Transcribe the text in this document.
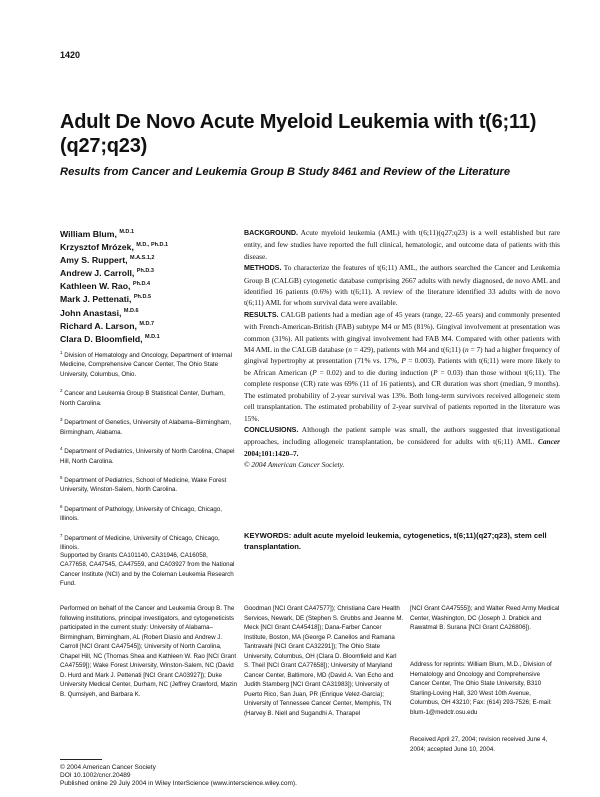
1420
Adult De Novo Acute Myeloid Leukemia with t(6;11)(q27;q23)
Results from Cancer and Leukemia Group B Study 8461 and Review of the Literature
William Blum, $^{M.D.1}$
Krzysztof Mrózek, $^{M.D., Ph.D.1}$
Amy S. Ruppert, $^{M.A.S.1,2}$
Andrew J. Carroll, $^{Ph.D.3}$
Kathleen W. Rao, $^{Ph.D.4}$
Mark J. Pettenati, $^{Ph.D.5}$
John Anastasi, $^{M.D.6}$
Richard A. Larson, $^{M.D.7}$
Clara D. Bloomfield, $^{M.D.1}$
$^1$ Division of Hematology and Oncology, Department of Internal Medicine, Comprehensive Cancer Center, The Ohio State University, Columbus, Ohio.
$^2$ Cancer and Leukemia Group B Statistical Center, Durham, North Carolina.
$^3$ Department of Genetics, University of Alabama–Birmingham, Birmingham, Alabama.
$^4$ Department of Pediatrics, University of North Carolina, Chapel Hill, North Carolina.
$^5$ Department of Pediatrics, School of Medicine, Wake Forest University, Winston-Salem, North Carolina.
$^6$ Department of Pathology, University of Chicago, Chicago, Illinois.
$^7$ Department of Medicine, University of Chicago, Chicago, Illinois.
Supported by Grants CA101140, CA31946, CA16058, CA77658, CA47545, CA47559, and CA03927 from the National Cancer Institute (NCI) and by the Coleman Leukemia Research Fund.

BACKGROUND. Acute myeloid leukemia (AML) with t(6;11)(q27;q23) is a well established but rare entity, and few studies have reported the full clinical, hematologic, and outcome data of patients with this disease.

METHODS. To characterize the features of t(6;11) AML, the authors searched the Cancer and Leukemia Group B (CALGB) cytogenetic database comprising 2667 adults with newly diagnosed, de novo AML and identified 16 patients (0.6%) with t(6;11). A review of the literature identified 33 adults with de novo t(6;11) AML for whom survival data were available.

RESULTS. CALGB patients had a median age of 45 years (range, 22–65 years) and commonly presented with French-American-British (FAB) subtype M4 or M5 (81%). Gingival involvement at presentation was common (31%). All patients with gingival involvement had FAB M4. Compared with other patients with M4 AML in the CALGB database (n = 429), patients with M4 and t(6;11) (n = 7) had a higher frequency of gingival hypertrophy at presentation (71% vs. 17%, P = 0.003). Patients with t(6;11) were more likely to be African American (P = 0.02) and to die during induction (P = 0.03) than those without t(6;11). The complete response (CR) rate was 69% (11 of 16 patients), and CR duration was short (median, 9 months). The estimated probability of 2-year survival was 13%. Both long-term survivors received allogeneic stem cell transplantation. The estimated probability of 2-year survival of patients reported in the literature was 15%.

CONCLUSIONS. Although the patient sample was small, the authors suggested that investigational approaches, including allogeneic transplantation, be considered for adults with t(6;11) AML. Cancer 2004;101:1420–7.

© 2004 American Cancer Society.

KEYWORDS: adult acute myeloid leukemia, cytogenetics, t(6;11)(q27;q23), stem cell transplantation.
Performed on behalf of the Cancer and Leukemia Group B. The following institutions, principal investigators, and cytogeneticists participated in the current study: University of Alabama–Birmingham, Birmingham, AL (Robert Diasio and Andrew J. Carroll [NCI Grant CA47545]); University of North Carolina, Chapel Hill, NC (Thomas Shea and Kathleen W. Rao [NCI Grant CA47559]); Wake Forest University, Winston-Salem, NC (David D. Hurd and Mark J. Pettenati [NCI Grant CA03927]); Duke University Medical Center, Durham, NC (Jeffrey Crawford, Mazin B. Qumsiyeh, and Barbara K.
Goodman [NCI Grant CA47577]); Christiana Care Health Services, Newark, DE (Stephen S. Grubbs and Jeanne M. Meck [NCI Grant CA45418]); Dana-Farber Cancer Institute, Boston, MA (George P. Canellos and Ramana Tantravahi [NCI Grant CA32291]); The Ohio State University, Columbus, OH (Clara D. Bloomfield and Karl S. Theil [NCI Grant CA77658]); University of Maryland Cancer Center, Baltimore, MD (David A. Van Echo and Judith Stamberg [NCI Grant CA31983]); University of Puerto Rico, San Juan, PR (Enrique Velez-Garcia); University of Tennessee Cancer Center, Memphis, TN (Harvey B. Niell and Sugandhi A. Tharapel
[NCI Grant CA47555]); and Walter Reed Army Medical Center, Washington, DC (Joseph J. Drabick and Rawatmal B. Surana [NCI Grant CA26806]).
Address for reprints: William Blum, M.D., Division of Hematology and Oncology and Comprehensive Cancer Center, The Ohio State University, B310 Starling-Loving Hall, 320 West 10th Avenue, Columbus, OH 43210; Fax: (614) 293-7526; E-mail: blum-1@medctr.osu.edu
Received April 27, 2004; revision received June 4, 2004; accepted June 10, 2004.
© 2004 American Cancer Society
DOI 10.1002/cncr.20489
Published online 29 July 2004 in Wiley InterScience (www.interscience.wiley.com).
